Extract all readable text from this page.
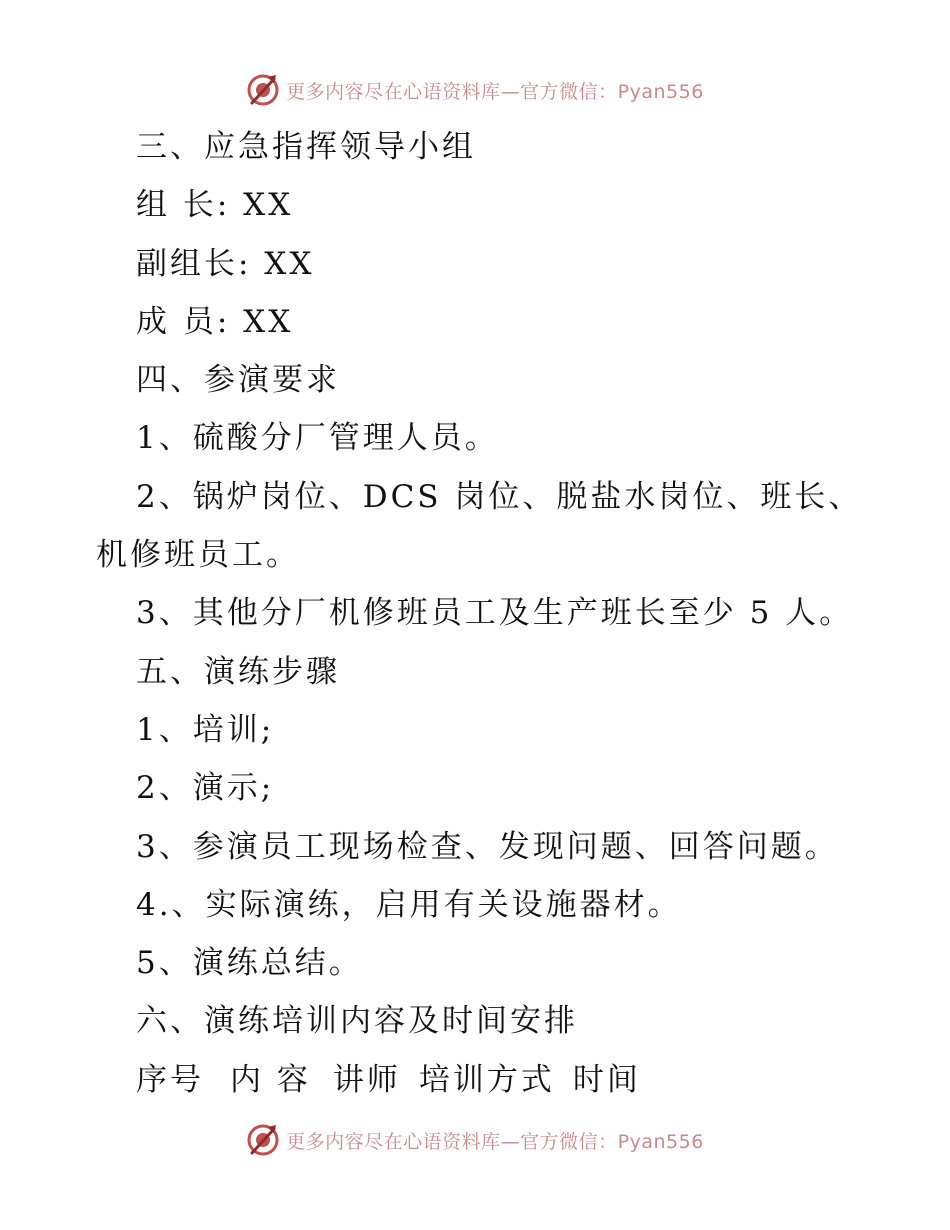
更多内容尽在心语资料库—官方微信：Pyan556
三、应急指挥领导小组
组 长: XX
副组长: XX
成 员: XX
四、参演要求
1、硫酸分厂管理人员。
2、锅炉岗位、DCS 岗位、脱盐水岗位、班长、
机修班员工。
3、其他分厂机修班员工及生产班长至少 5 人。
五、演练步骤
1、培训;
2、演示;
3、参演员工现场检查、发现问题、回答问题。
4.、实际演练，启用有关设施器材。
5、演练总结。
六、演练培训内容及时间安排
序号 内 容 讲师 培训方式 时间
更多内容尽在心语资料库—官方微信：Pyan556
